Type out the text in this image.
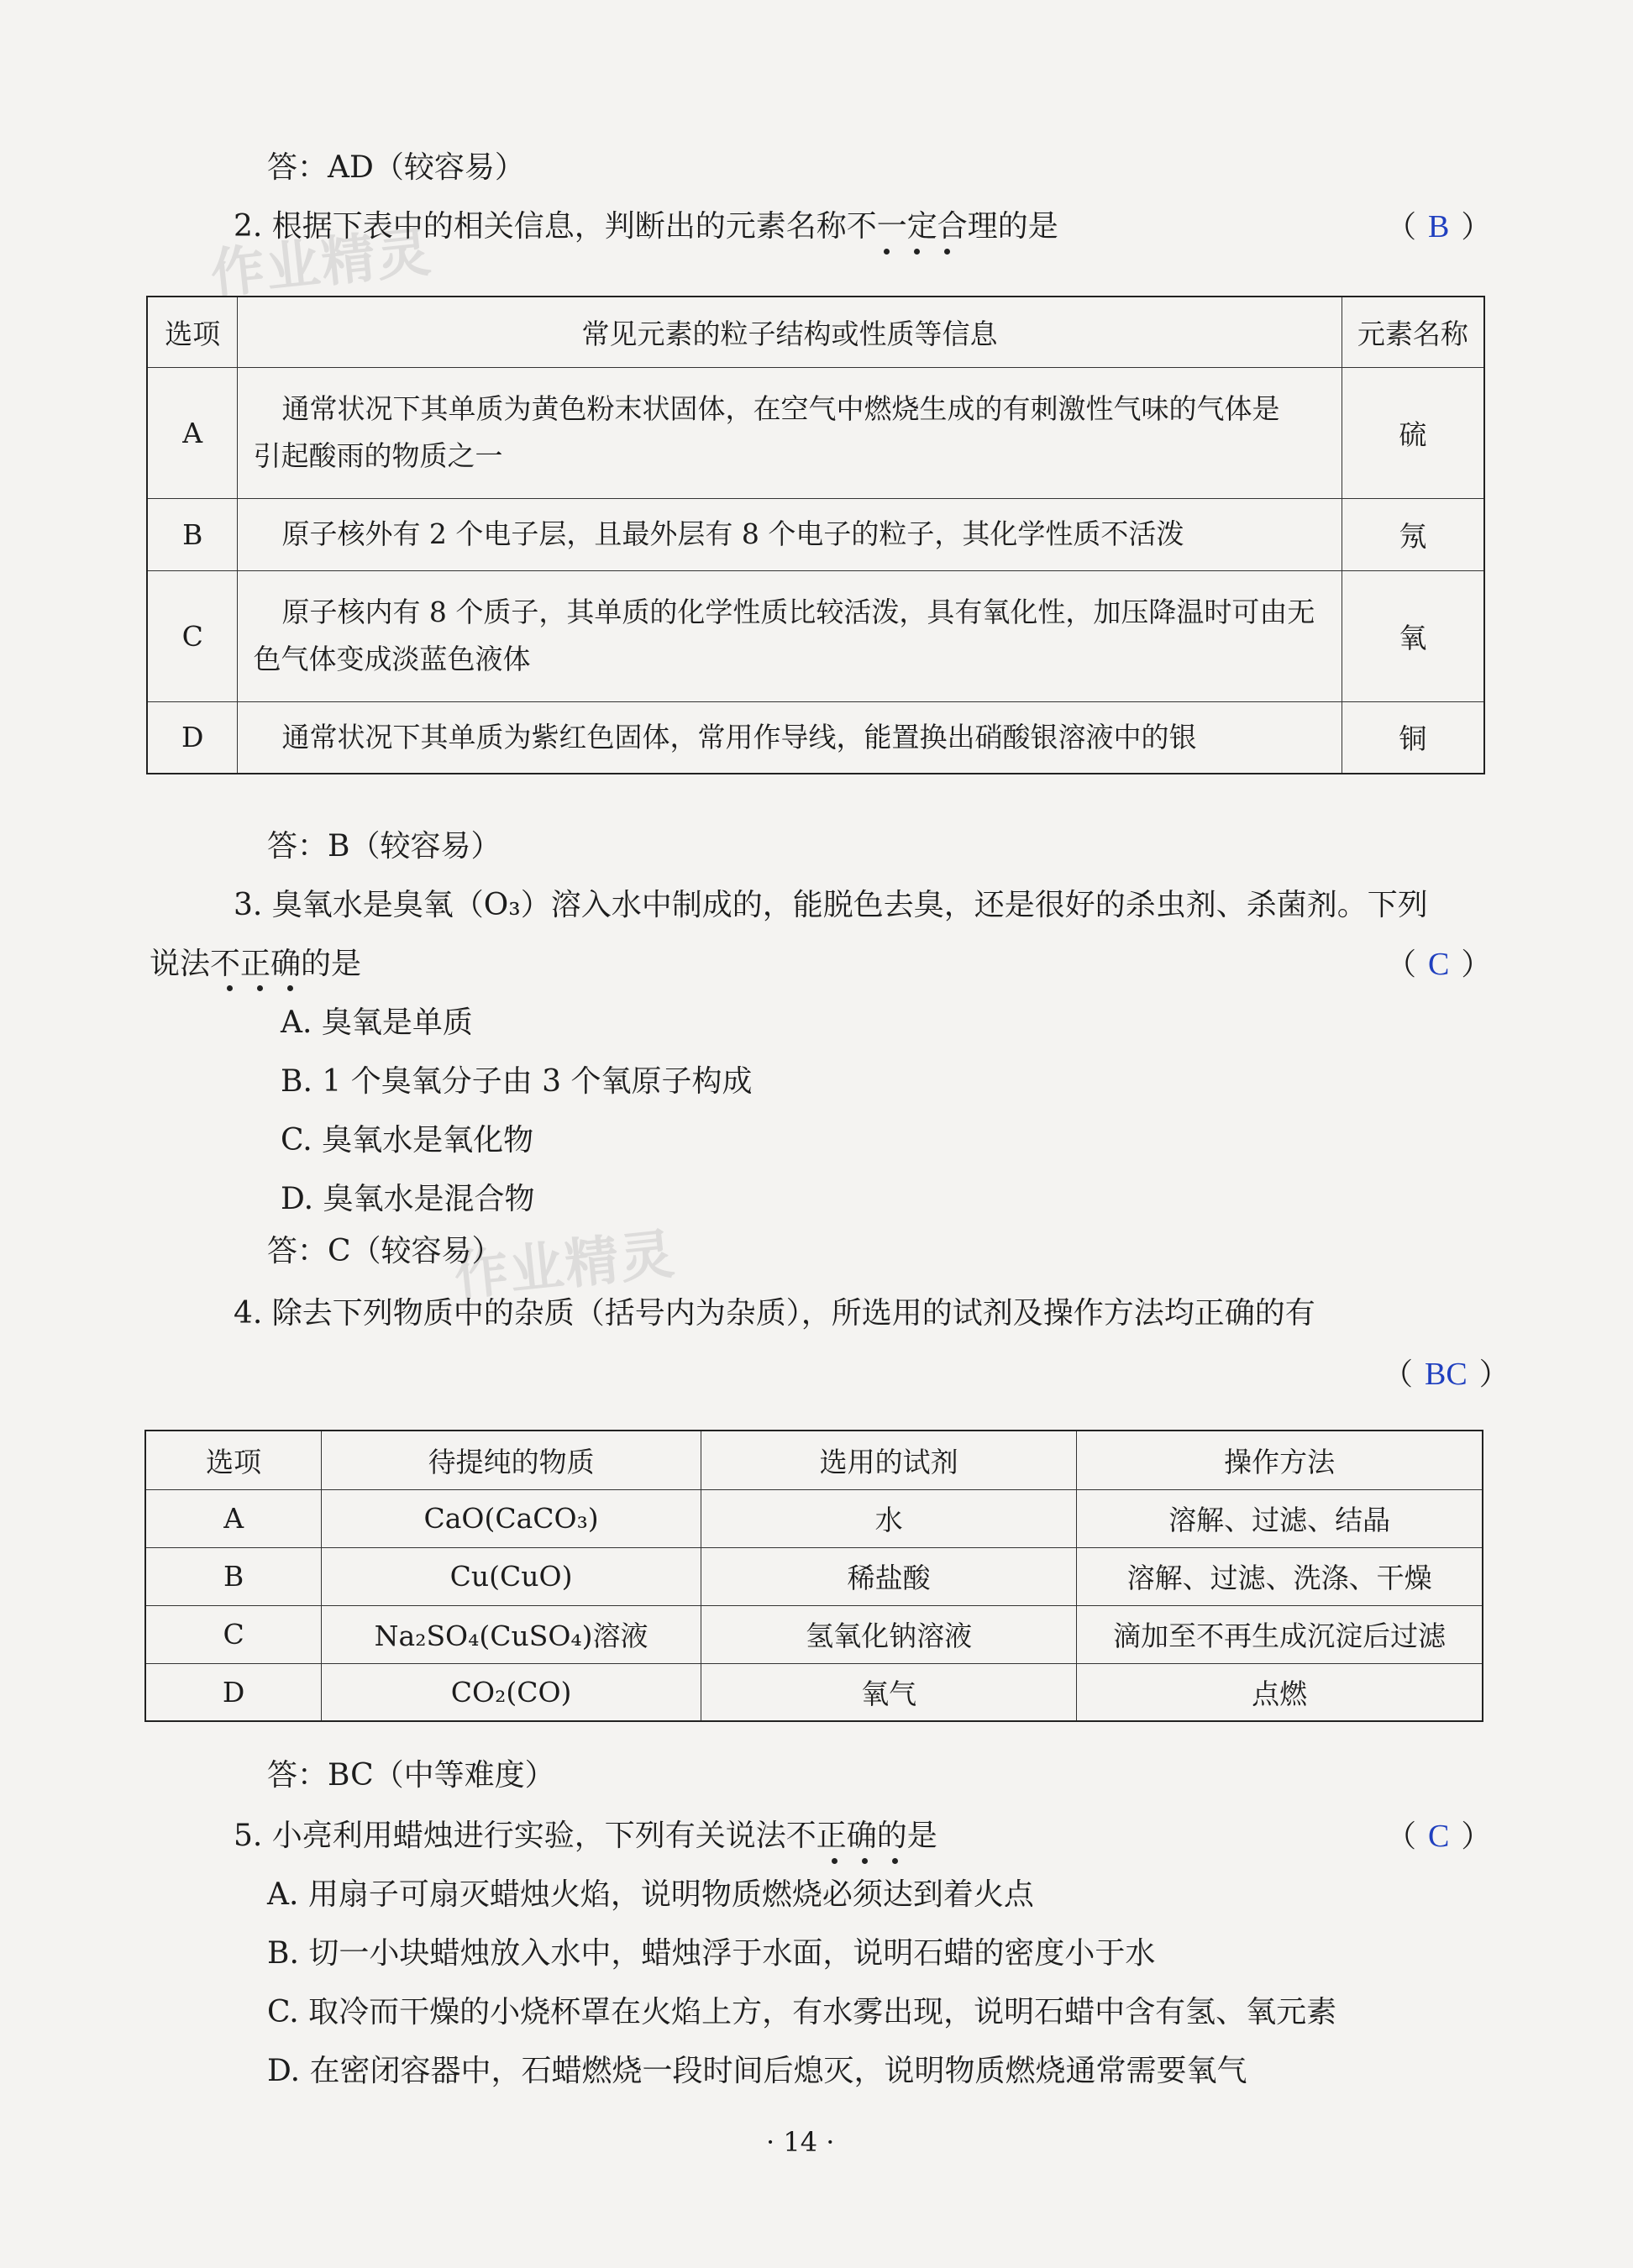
作业精灵
作业精灵
答：AD（较容易）
2. 根据下表中的相关信息，判断出的元素名称不一定合理的是	（ B ）
选项	常见元素的粒子结构或性质等信息	元素名称
A	通常状况下其单质为黄色粉末状固体，在空气中燃烧生成的有刺激性气味的气体是
引起酸雨的物质之一	硫
B	原子核外有 2 个电子层，且最外层有 8 个电子的粒子，其化学性质不活泼	氖
C	原子核内有 8 个质子，其单质的化学性质比较活泼，具有氧化性，加压降温时可由无
色气体变成淡蓝色液体	氧
D	通常状况下其单质为紫红色固体，常用作导线，能置换出硝酸银溶液中的银	铜
答：B（较容易）
3. 臭氧水是臭氧（O₃）溶入水中制成的，能脱色去臭，还是很好的杀虫剂、杀菌剂。下列
说法不正确的是	（ C ）
A. 臭氧是单质
B. 1 个臭氧分子由 3 个氧原子构成
C. 臭氧水是氧化物
D. 臭氧水是混合物
答：C（较容易）
4. 除去下列物质中的杂质（括号内为杂质），所选用的试剂及操作方法均正确的有
（ BC ）
选项	待提纯的物质	选用的试剂	操作方法
A	CaO(CaCO₃)	水	溶解、过滤、结晶
B	Cu(CuO)	稀盐酸	溶解、过滤、洗涤、干燥
C	Na₂SO₄(CuSO₄)溶液	氢氧化钠溶液	滴加至不再生成沉淀后过滤
D	CO₂(CO)	氧气	点燃
答：BC（中等难度）
5. 小亮利用蜡烛进行实验，下列有关说法不正确的是	（ C ）
A. 用扇子可扇灭蜡烛火焰，说明物质燃烧必须达到着火点
B. 切一小块蜡烛放入水中，蜡烛浮于水面，说明石蜡的密度小于水
C. 取冷而干燥的小烧杯罩在火焰上方，有水雾出现，说明石蜡中含有氢、氧元素
D. 在密闭容器中，石蜡燃烧一段时间后熄灭，说明物质燃烧通常需要氧气
· 14 ·
